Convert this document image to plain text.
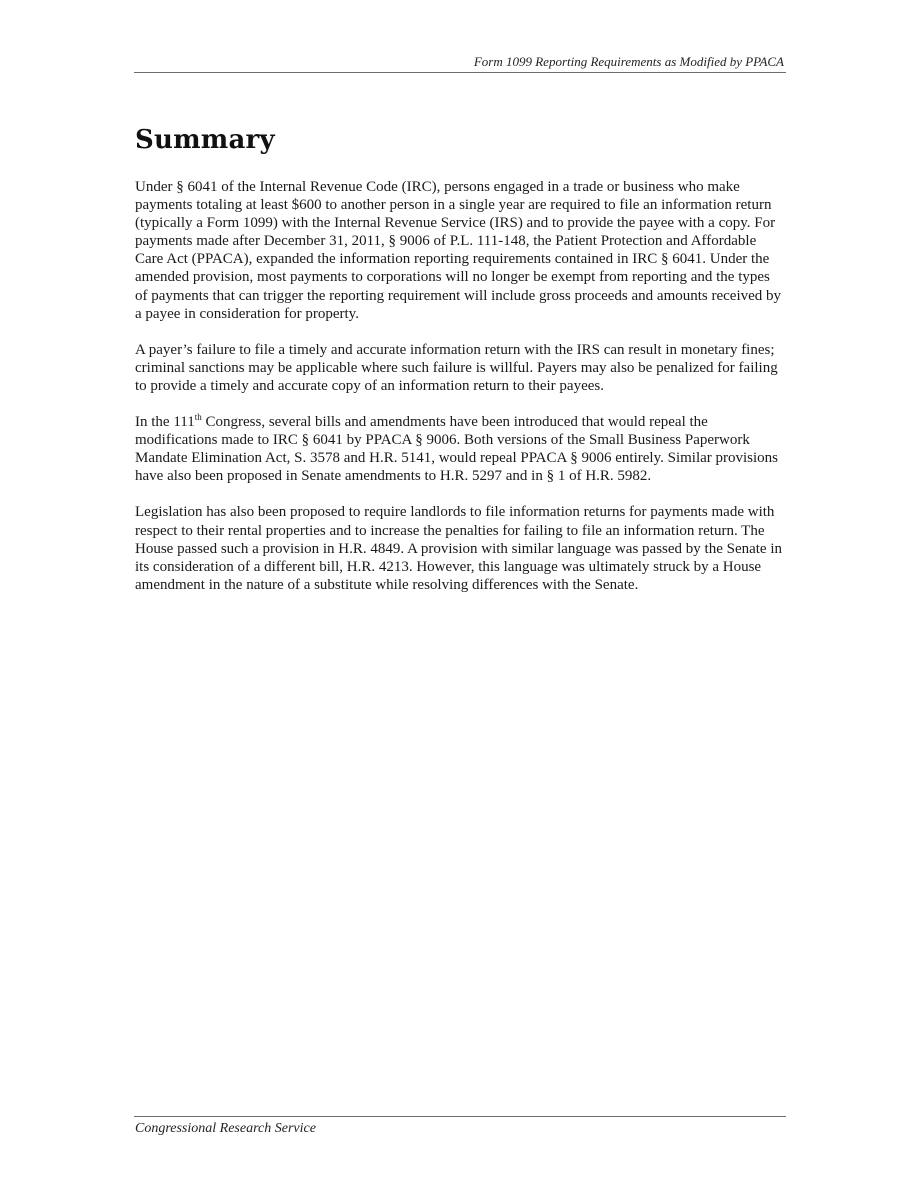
Form 1099 Reporting Requirements as Modified by PPACA
Summary

Under § 6041 of the Internal Revenue Code (IRC), persons engaged in a trade or business who make payments totaling at least $600 to another person in a single year are required to file an information return (typically a Form 1099) with the Internal Revenue Service (IRS) and to provide the payee with a copy. For payments made after December 31, 2011, § 9006 of P.L. 111-148, the Patient Protection and Affordable Care Act (PPACA), expanded the information reporting requirements contained in IRC § 6041. Under the amended provision, most payments to corporations will no longer be exempt from reporting and the types of payments that can trigger the reporting requirement will include gross proceeds and amounts received by a payee in consideration for property.

A payer’s failure to file a timely and accurate information return with the IRS can result in monetary fines; criminal sanctions may be applicable where such failure is willful. Payers may also be penalized for failing to provide a timely and accurate copy of an information return to their payees.

In the 111th Congress, several bills and amendments have been introduced that would repeal the modifications made to IRC § 6041 by PPACA § 9006. Both versions of the Small Business Paperwork Mandate Elimination Act, S. 3578 and H.R. 5141, would repeal PPACA § 9006 entirely. Similar provisions have also been proposed in Senate amendments to H.R. 5297 and in § 1 of H.R. 5982.

Legislation has also been proposed to require landlords to file information returns for payments made with respect to their rental properties and to increase the penalties for failing to file an information return. The House passed such a provision in H.R. 4849. A provision with similar language was passed by the Senate in its consideration of a different bill, H.R. 4213. However, this language was ultimately struck by a House amendment in the nature of a substitute while resolving differences with the Senate.

Congressional Research Service
